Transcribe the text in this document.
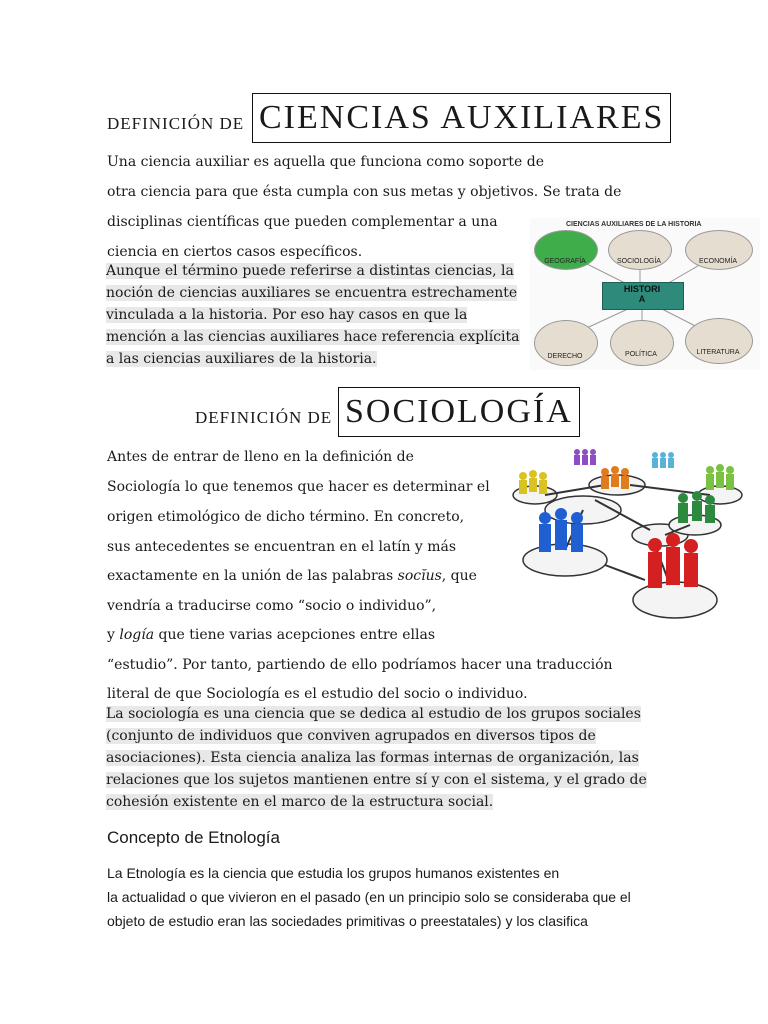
DEFINICIÓN DE CIENCIAS AUXILIARES
Una ciencia auxiliar es aquella que funciona como soporte de
otra ciencia para que ésta cumpla con sus metas y objetivos. Se trata de
disciplinas científicas que pueden complementar a una
ciencia en ciertos casos específicos.
Aunque el término puede referirse a distintas ciencias, la
noción de ciencias auxiliares se encuentra estrechamente
vinculada a la historia. Por eso hay casos en que la
mención a las ciencias auxiliares hace referencia explícita
a las ciencias auxiliares de la historia.
CIENCIAS AUXILIARES DE LA HISTORIA
GEOGRAFÍA	SOCIOLOGÍA	ECONOMÍA
HISTORI
A
DERECHO	POLÍTICA	LITERATURA
DEFINICIÓN DE SOCIOLOGÍA
Antes de entrar de lleno en la definición de
Sociología lo que tenemos que hacer es determinar el
origen etimológico de dicho término. En concreto,
sus antecedentes se encuentran en el latín y más
exactamente en la unión de las palabras socĭus, que
vendría a traducirse como “socio o individuo”,
y logía que tiene varias acepciones entre ellas
“estudio”. Por tanto, partiendo de ello podríamos hacer una traducción
literal de que Sociología es el estudio del socio o individuo.
La sociología es una ciencia que se dedica al estudio de los grupos sociales
(conjunto de individuos que conviven agrupados en diversos tipos de
asociaciones). Esta ciencia analiza las formas internas de organización, las
relaciones que los sujetos mantienen entre sí y con el sistema, y el grado de
cohesión existente en el marco de la estructura social.
Concepto de Etnología
La Etnología es la ciencia que estudia los grupos humanos existentes en
la actualidad o que vivieron en el pasado (en un principio solo se consideraba que el
objeto de estudio eran las sociedades primitivas o preestatales) y los clasifica
